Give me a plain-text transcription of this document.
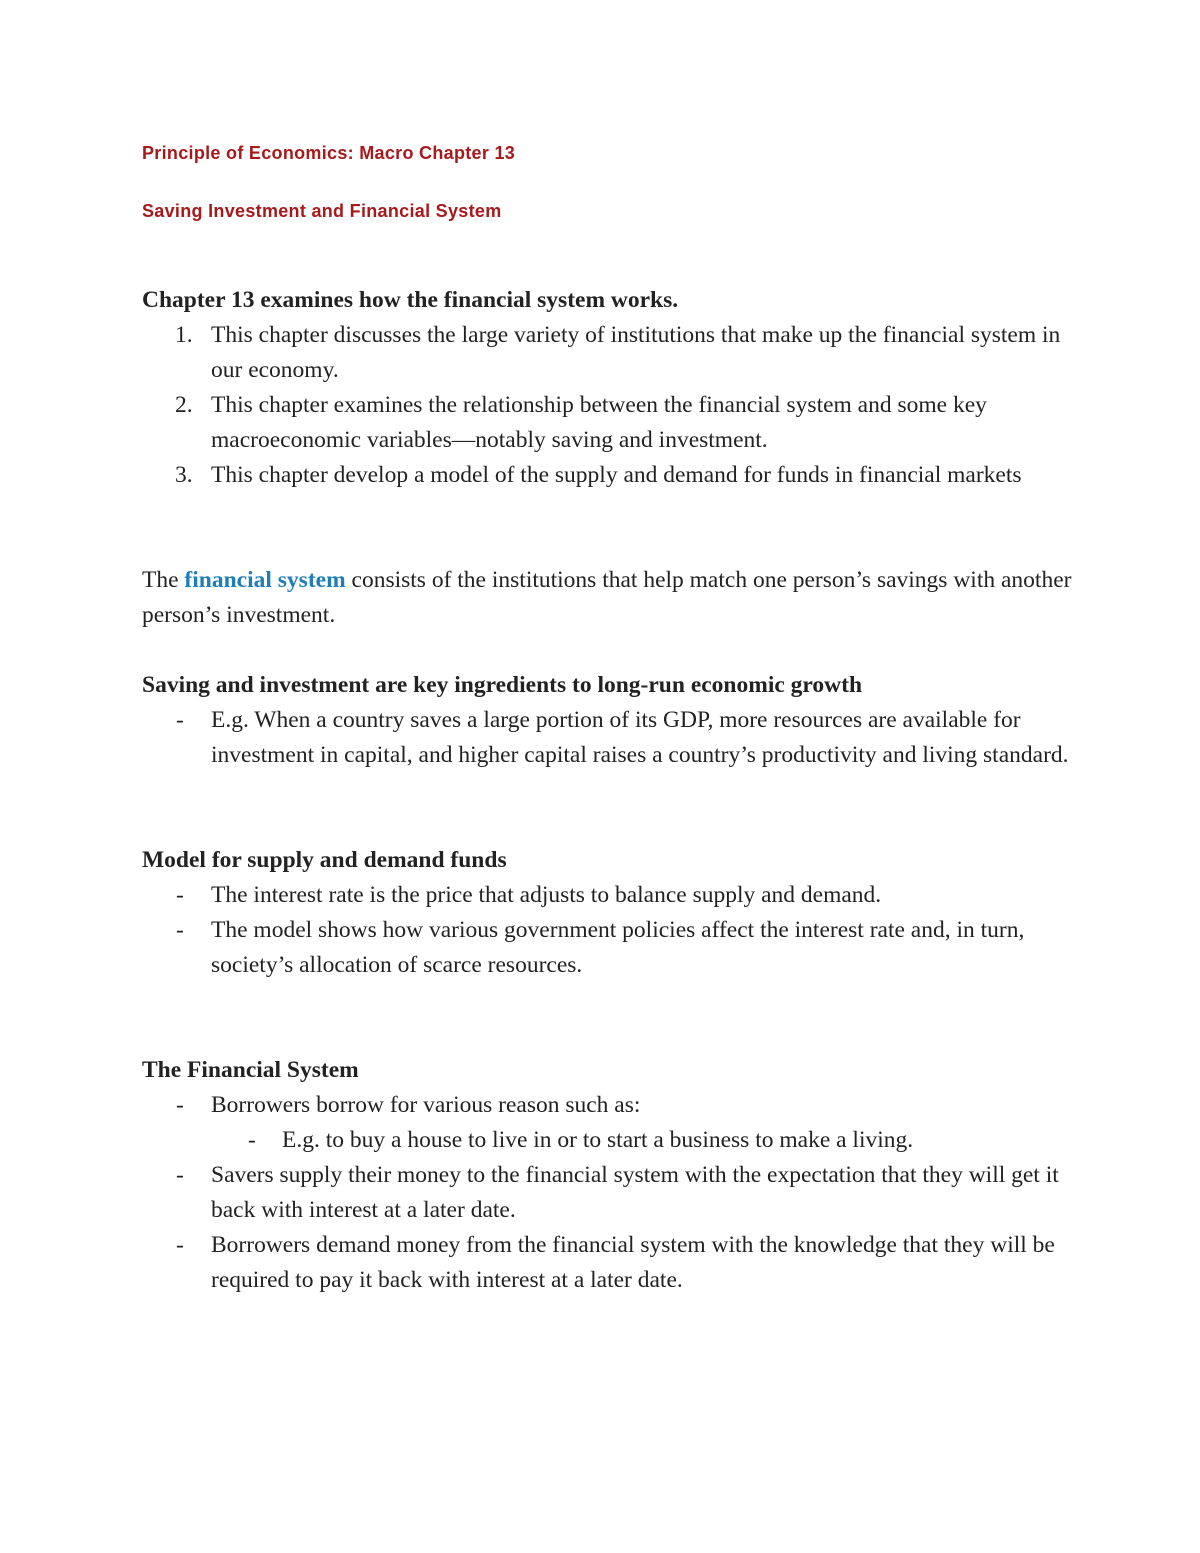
Principle of Economics: Macro Chapter 13
Saving Investment and Financial System
Chapter 13 examines how the financial system works.
1. This chapter discusses the large variety of institutions that make up the financial system in our economy.
2. This chapter examines the relationship between the financial system and some key macroeconomic variables—notably saving and investment.
3. This chapter develop a model of the supply and demand for funds in financial markets
The financial system consists of the institutions that help match one person’s savings with another person’s investment.
Saving and investment are key ingredients to long-run economic growth
- E.g. When a country saves a large portion of its GDP, more resources are available for investment in capital, and higher capital raises a country’s productivity and living standard.
Model for supply and demand funds
- The interest rate is the price that adjusts to balance supply and demand.
- The model shows how various government policies affect the interest rate and, in turn, society’s allocation of scarce resources.
The Financial System
- Borrowers borrow for various reason such as:
- E.g. to buy a house to live in or to start a business to make a living.
- Savers supply their money to the financial system with the expectation that they will get it back with interest at a later date.
- Borrowers demand money from the financial system with the knowledge that they will be required to pay it back with interest at a later date.
